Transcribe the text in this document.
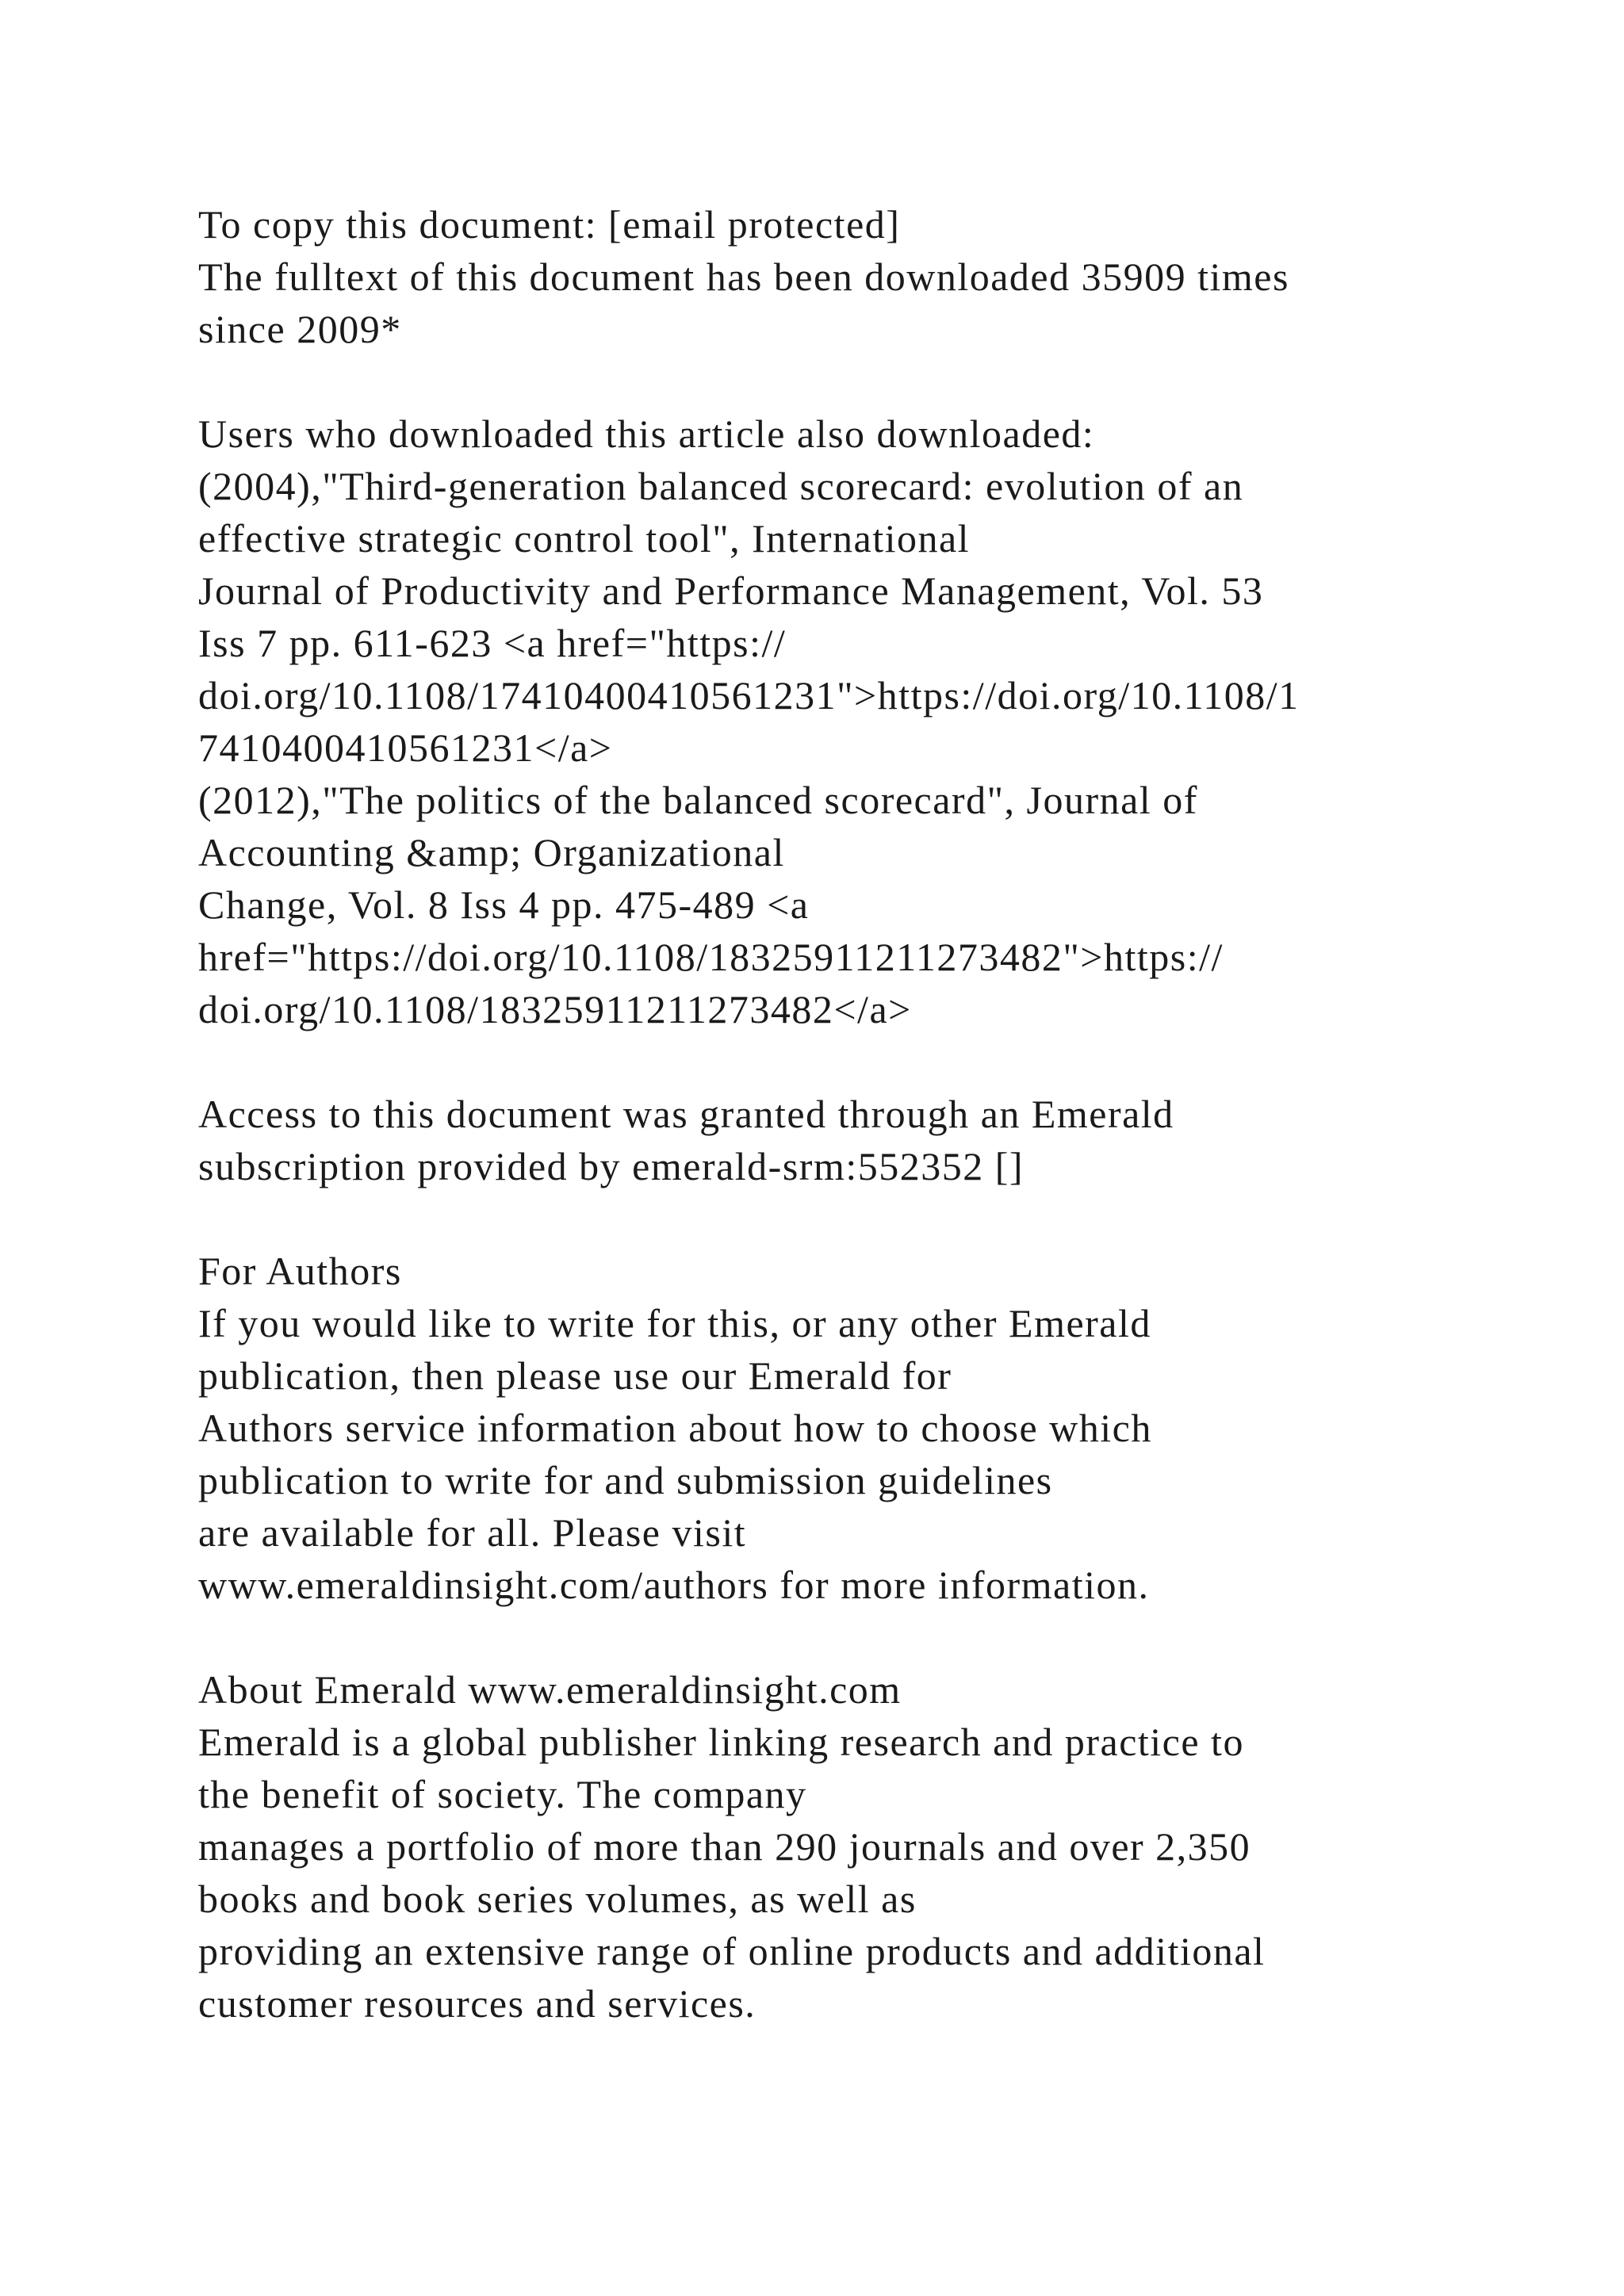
To copy this document: [email protected]
The fulltext of this document has been downloaded 35909 times
since 2009*
Users who downloaded this article also downloaded:
(2004),"Third-generation balanced scorecard: evolution of an
effective strategic control tool", International
Journal of Productivity and Performance Management, Vol. 53
Iss 7 pp. 611-623 <a href="https://
doi.org/10.1108/17410400410561231">https://doi.org/10.1108/1
7410400410561231</a>
(2012),"The politics of the balanced scorecard", Journal of
Accounting &amp; Organizational
Change, Vol. 8 Iss 4 pp. 475-489 <a
href="https://doi.org/10.1108/18325911211273482">https://
doi.org/10.1108/18325911211273482</a>
Access to this document was granted through an Emerald
subscription provided by emerald-srm:552352 []
For Authors
If you would like to write for this, or any other Emerald
publication, then please use our Emerald for
Authors service information about how to choose which
publication to write for and submission guidelines
are available for all. Please visit
www.emeraldinsight.com/authors for more information.
About Emerald www.emeraldinsight.com
Emerald is a global publisher linking research and practice to
the benefit of society. The company
manages a portfolio of more than 290 journals and over 2,350
books and book series volumes, as well as
providing an extensive range of online products and additional
customer resources and services.
